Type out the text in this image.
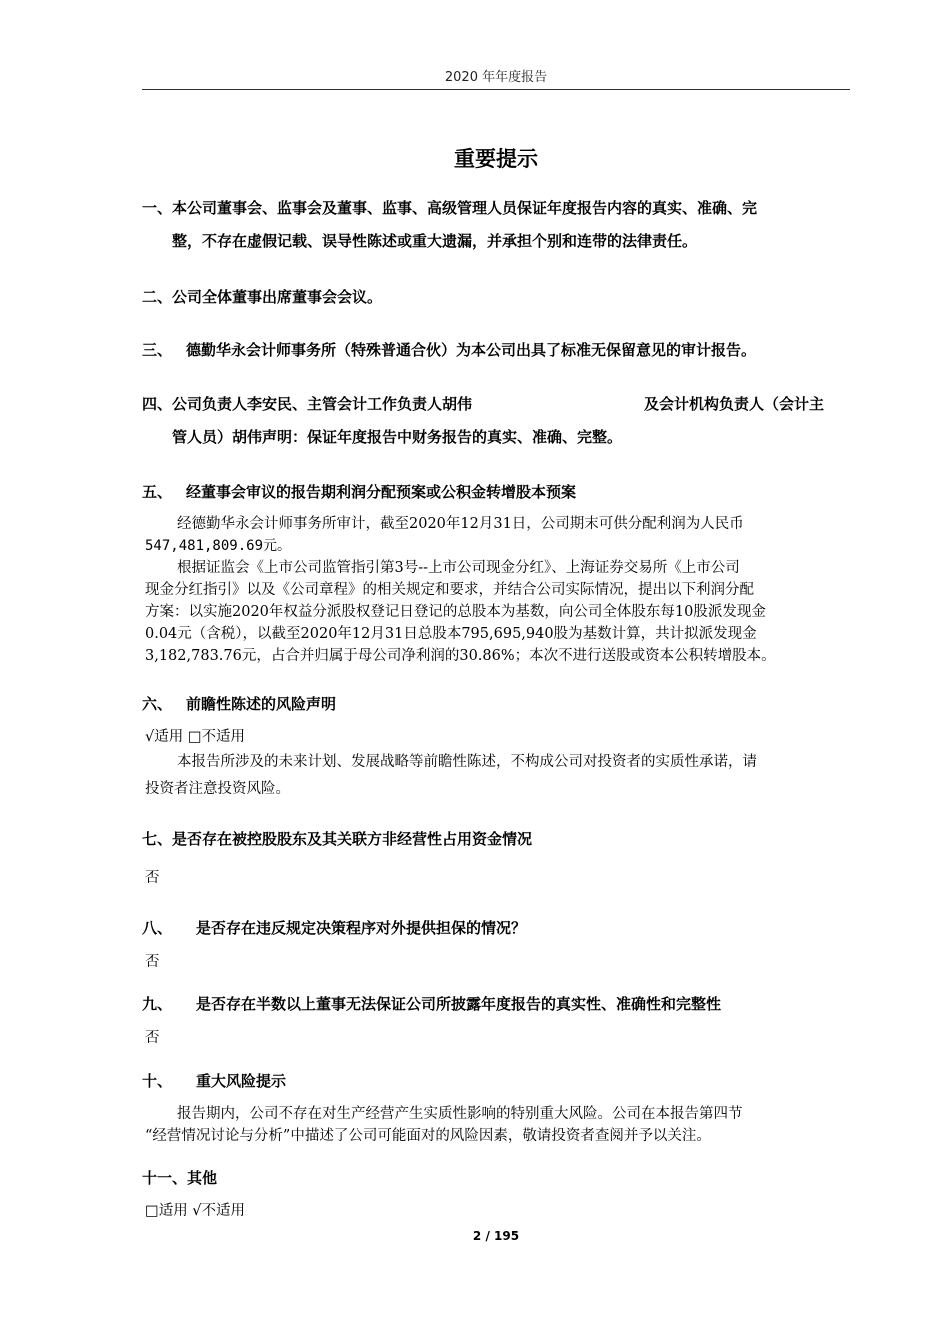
2020 年年度报告
重要提示
一、本公司董事会、监事会及董事、监事、高级管理人员保证年度报告内容的真实、准确、完
整，不存在虚假记载、误导性陈述或重大遗漏，并承担个别和连带的法律责任。
二、公司全体董事出席董事会会议。
三、 德勤华永会计师事务所（特殊普通合伙）为本公司出具了标准无保留意见的审计报告。
四、公司负责人李安民、主管会计工作负责人胡伟	及会计机构负责人（会计主
管人员）胡伟声明：保证年度报告中财务报告的真实、准确、完整。
五、 经董事会审议的报告期利润分配预案或公积金转增股本预案
经德勤华永会计师事务所审计，截至2020年12月31日，公司期末可供分配利润为人民币
547,481,809.69元。
根据证监会《上市公司监管指引第3号--上市公司现金分红》、上海证券交易所《上市公司
现金分红指引》以及《公司章程》的相关规定和要求，并结合公司实际情况，提出以下利润分配
方案：以实施2020年权益分派股权登记日登记的总股本为基数，向公司全体股东每10股派发现金
0.04元（含税），以截至2020年12月31日总股本795,695,940股为基数计算，共计拟派发现金
3,182,783.76元，占合并归属于母公司净利润的30.86%；本次不进行送股或资本公积转增股本。
六、 前瞻性陈述的风险声明
√适用 □不适用
本报告所涉及的未来计划、发展战略等前瞻性陈述，不构成公司对投资者的实质性承诺，请
投资者注意投资风险。
七、是否存在被控股股东及其关联方非经营性占用资金情况
否
八、 是否存在违反规定决策程序对外提供担保的情况？
否
九、 是否存在半数以上董事无法保证公司所披露年度报告的真实性、准确性和完整性
否
十、 重大风险提示
报告期内，公司不存在对生产经营产生实质性影响的特别重大风险。公司在本报告第四节
“经营情况讨论与分析”中描述了公司可能面对的风险因素，敬请投资者查阅并予以关注。
十一、其他
□适用 √不适用
2 / 195
